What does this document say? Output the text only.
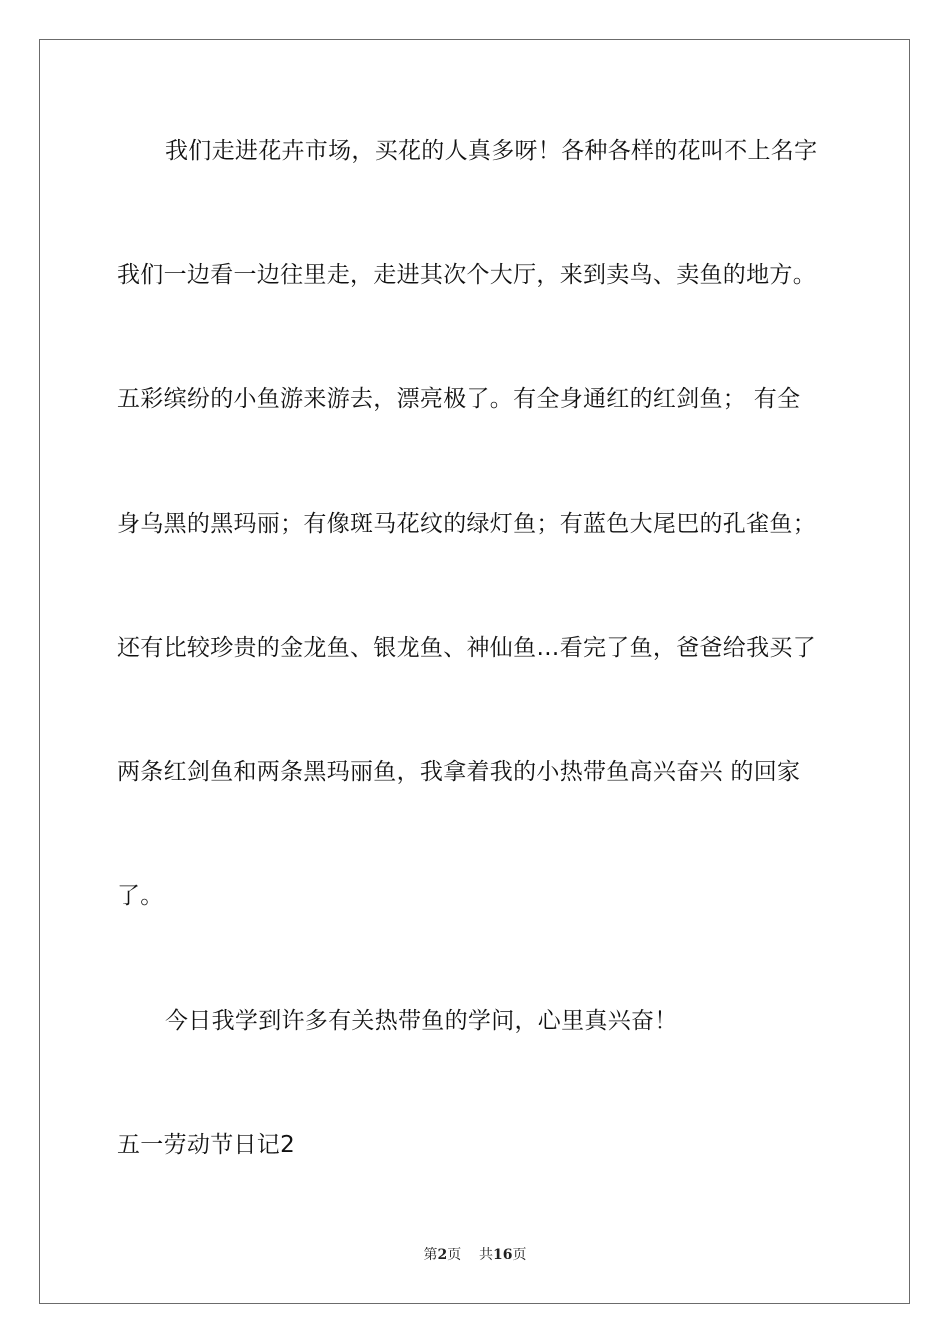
我们走进花卉市场，买花的人真多呀！各种各样的花叫不上名字
我们一边看一边往里走，走进其次个大厅，来到卖鸟、卖鱼的地方。
五彩缤纷的小鱼游来游去，漂亮极了。有全身通红的红剑鱼； 有全
身乌黑的黑玛丽；有像斑马花纹的绿灯鱼；有蓝色大尾巴的孔雀鱼；
还有比较珍贵的金龙鱼、银龙鱼、神仙鱼…看完了鱼，爸爸给我买了
两条红剑鱼和两条黑玛丽鱼，我拿着我的小热带鱼高兴奋兴 的回家
了。
今日我学到许多有关热带鱼的学问，心里真兴奋！
五一劳动节日记2
第2页 共16页
